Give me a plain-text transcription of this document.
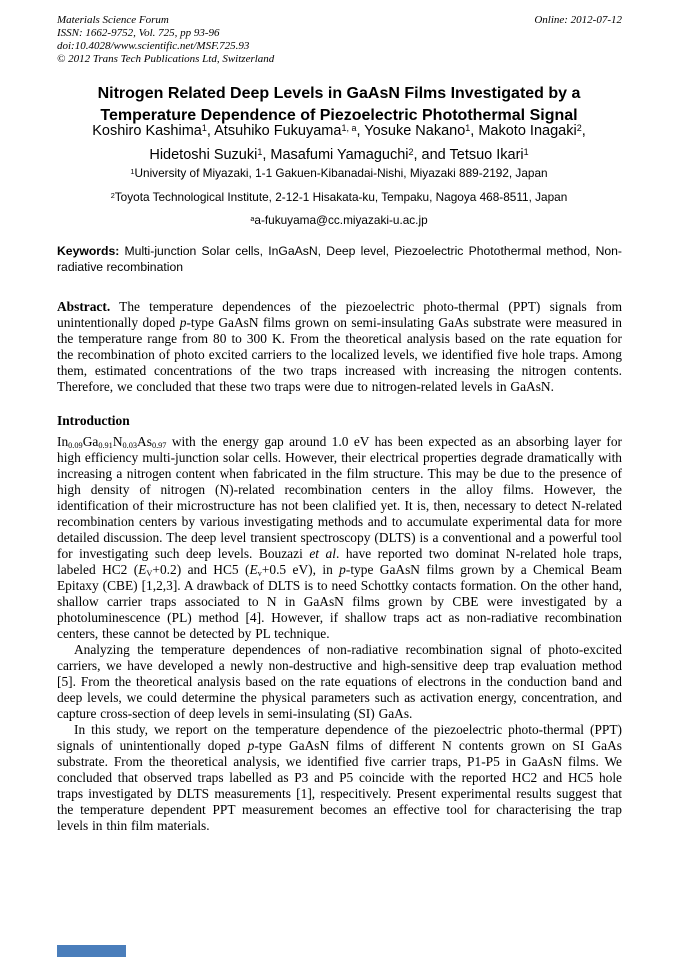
Materials Science Forum
ISSN: 1662-9752, Vol. 725, pp 93-96
doi:10.4028/www.scientific.net/MSF.725.93
© 2012 Trans Tech Publications Ltd, Switzerland
Online: 2012-07-12
Nitrogen Related Deep Levels in GaAsN Films Investigated by a
Temperature Dependence of Piezoelectric Photothermal Signal
Koshiro Kashima$^1$, Atsuhiko Fukuyama$^{1, a}$, Yosuke Nakano$^1$, Makoto Inagaki$^2$,
Hidetoshi Suzuki$^1$, Masafumi Yamaguchi$^2$, and Tetsuo Ikari$^1$
$^1$University of Miyazaki, 1-1 Gakuen-Kibanadai-Nishi, Miyazaki 889-2192, Japan
$^2$Toyota Technological Institute, 2-12-1 Hisakata-ku, Tempaku, Nagoya 468-8511, Japan
$^a$a-fukuyama@cc.miyazaki-u.ac.jp
Keywords: Multi-junction Solar cells, InGaAsN, Deep level, Piezoelectric Photothermal method, Non-radiative recombination
Abstract. The temperature dependences of the piezoelectric photo-thermal (PPT) signals from unintentionally doped p-type GaAsN films grown on semi-insulating GaAs substrate were measured in the temperature range from 80 to 300 K. From the theoretical analysis based on the rate equation for the recombination of photo excited carriers to the localized levels, we identified five hole traps. Among them, estimated concentrations of the two traps increased with increasing the nitrogen contents. Therefore, we concluded that these two traps were due to nitrogen-related levels in GaAsN.
Introduction

In0.09Ga0.91N0.03As0.97 with the energy gap around 1.0 eV has been expected as an absorbing layer for high efficiency multi-junction solar cells. However, their electrical properties degrade dramatically with increasing a nitrogen content when fabricated in the film structure. This may be due to the presence of high density of nitrogen (N)-related recombination centers in the alloy films. However, the identification of their microstructure has not been clalified yet. It is, then, necessary to detect N-related recombination centers by various investigating methods and to accumulate experimental data for more detailed discussion. The deep level transient spectroscopy (DLTS) is a conventional and a powerful tool for investigating such deep levels. Bouzazi et al. have reported two dominat N-related hole traps, labeled HC2 (EV+0.2) and HC5 (Ev+0.5 eV), in p-type GaAsN films grown by a Chemical Beam Epitaxy (CBE) [1,2,3]. A drawback of DLTS is to need Schottky contacts formation. On the other hand, shallow carrier traps associated to N in GaAsN films grown by CBE were investigated by a photoluminescence (PL) method [4]. However, if shallow traps act as non-radiative recombination centers, these cannot be detected by PL technique.

Analyzing the temperature dependences of non-radiative recombination signal of photo-excited carriers, we have developed a newly non-destructive and high-sensitive deep trap evaluation method [5]. From the theoretical analysis based on the rate equations of electrons in the conduction band and deep levels, we could determine the physical parameters such as activation energy, concentration, and capture cross-section of deep levels in semi-insulating (SI) GaAs.

In this study, we report on the temperature dependence of the piezoelectric photo-thermal (PPT) signals of unintentionally doped p-type GaAsN films of different N contents grown on SI GaAs substrate. From the theoretical analysis, we identified five carrier traps, P1-P5 in GaAsN films. We concluded that observed traps labelled as P3 and P5 coincide with the reported HC2 and HC5 hole traps investigated by DLTS measurements [1], respecitively. Present experimental results suggest that the temperature dependent PPT measurement becomes an effective tool for characterising the trap levels in thin film materials.
